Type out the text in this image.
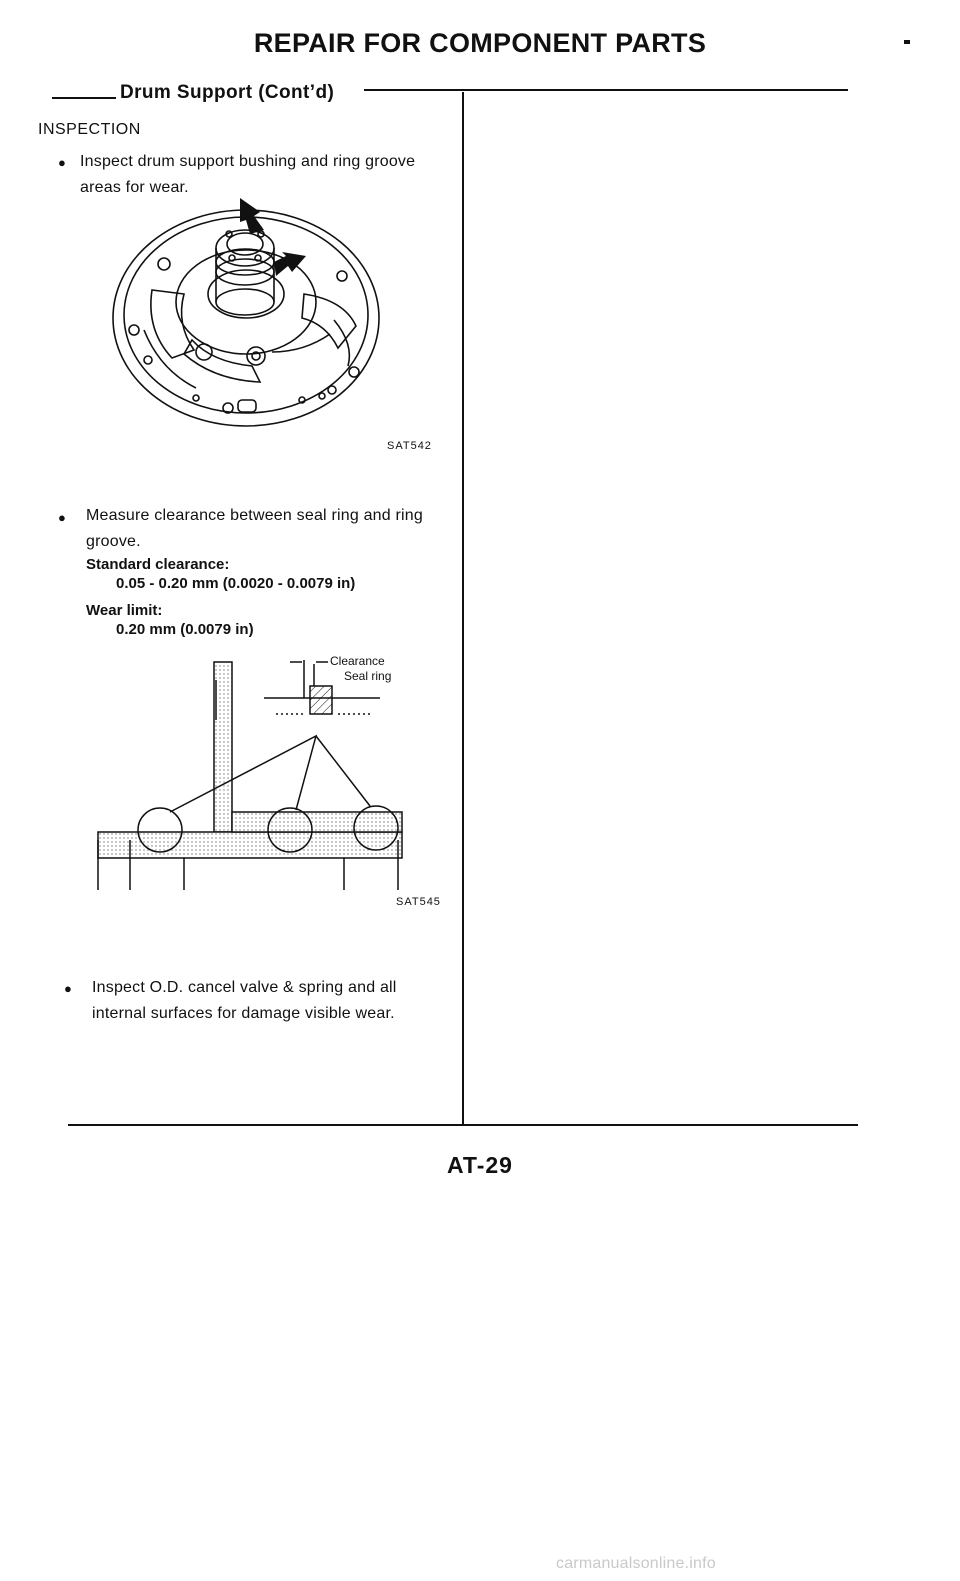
REPAIR FOR COMPONENT PARTS
Drum Support (Cont’d)
INSPECTION
● Inspect drum support bushing and ring groove
areas for wear.
SAT542
● Measure clearance between seal ring and ring
groove.
Standard clearance:
0.05 - 0.20 mm (0.0020 - 0.0079 in)
Wear limit:
0.20 mm (0.0079 in)
Clearance
Seal ring
SAT545
● Inspect O.D. cancel valve & spring and all
internal surfaces for damage visible wear.
AT-29
carmanualsonline.info
